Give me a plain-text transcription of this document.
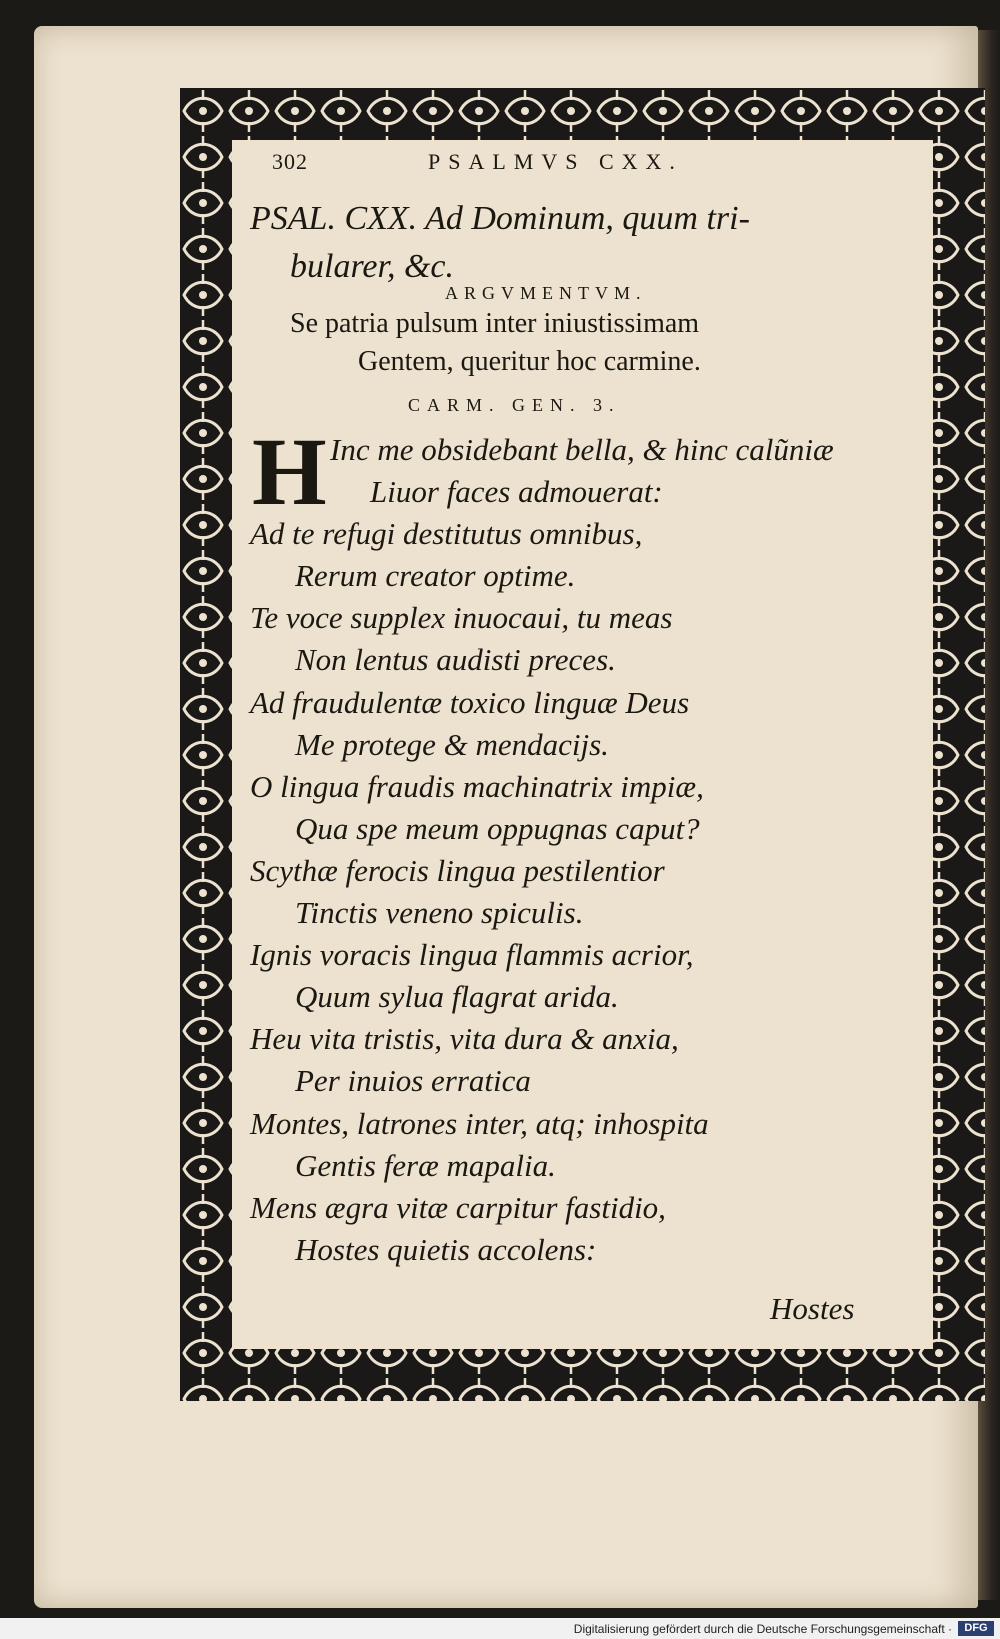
302	PSALMVS CXX.
PSAL. CXX. Ad Dominum, quum tri-
bularer, &c.
ARGVMENTVM.
Se patria pulsum inter iniustissimam
Gentem, queritur hoc carmine.
CARM. GEN. 3.
H Inc me obsidebant bella, & hinc calũniæ
Liuor faces admouerat:
Ad te refugi destitutus omnibus,
Rerum creator optime.
Te voce supplex inuocaui, tu meas
Non lentus audisti preces.
Ad fraudulentæ toxico linguæ Deus
Me protege & mendacijs.
O lingua fraudis machinatrix impiæ,
Qua spe meum oppugnas caput?
Scythæ ferocis lingua pestilentior
Tinctis veneno spiculis.
Ignis voracis lingua flammis acrior,
Quum sylua flagrat arida.
Heu vita tristis, vita dura & anxia,
Per inuios erratica
Montes, latrones inter, atq; inhospita
Gentis feræ mapalia.
Mens ægra vitæ carpitur fastidio,
Hostes quietis accolens:
Hostes
Digitalisierung gefördert durch die Deutsche Forschungsgemeinschaft ·	DFG
